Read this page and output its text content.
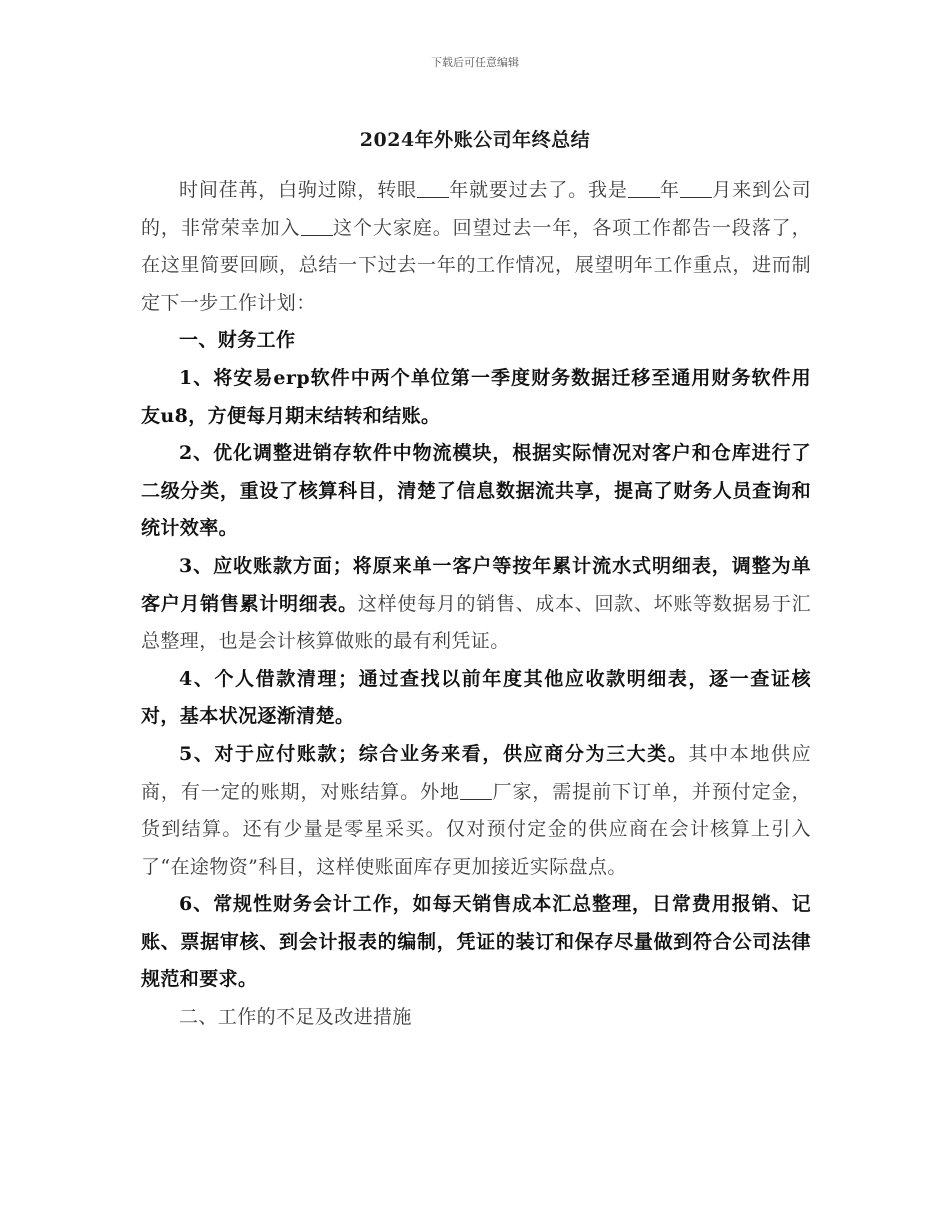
下载后可任意编辑
2024年外账公司年终总结

时间荏苒，白驹过隙，转眼 年就要过去了。我是 年 月来到公司的，非常荣幸加入 这个大家庭。回望过去一年，各项工作都告一段落了，在这里简要回顾，总结一下过去一年的工作情况，展望明年工作重点，进而制定下一步工作计划：

一、财务工作

1、将安易erp软件中两个单位第一季度财务数据迁移至通用财务软件用友u8，方便每月期末结转和结账。

2、优化调整进销存软件中物流模块，根据实际情况对客户和仓库进行了二级分类，重设了核算科目，清楚了信息数据流共享，提高了财务人员查询和统计效率。

3、应收账款方面；将原来单一客户等按年累计流水式明细表，调整为单客户月销售累计明细表。这样使每月的销售、成本、回款、坏账等数据易于汇总整理，也是会计核算做账的最有利凭证。

4、个人借款清理；通过查找以前年度其他应收款明细表，逐一查证核对，基本状况逐渐清楚。

5、对于应付账款；综合业务来看，供应商分为三大类。其中本地供应商，有一定的账期，对账结算。外地 厂家，需提前下订单，并预付定金，货到结算。还有少量是零星采买。仅对预付定金的供应商在会计核算上引入了“在途物资”科目，这样使账面库存更加接近实际盘点。

6、常规性财务会计工作，如每天销售成本汇总整理，日常费用报销、记账、票据审核、到会计报表的编制，凭证的装订和保存尽量做到符合公司法律规范和要求。

二、工作的不足及改进措施
